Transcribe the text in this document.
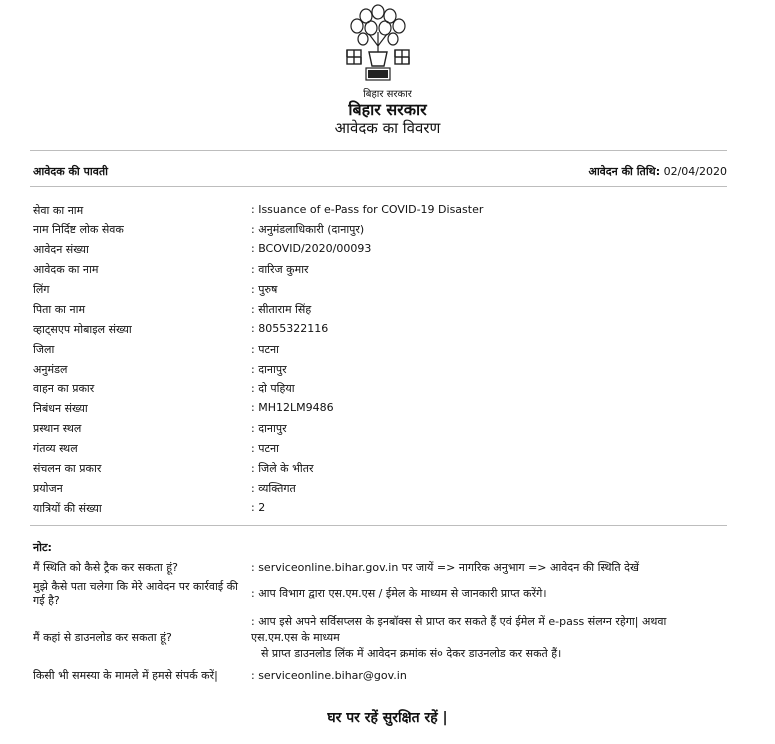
बिहार सरकार
बिहार सरकार
आवेदक का विवरण
आवेदक की पावती	आवेदन की तिथि: 02/04/2020
सेवा का नाम	: Issuance of e-Pass for COVID-19 Disaster
नाम निर्दिष्ट लोक सेवक	: अनुमंडलाधिकारी (दानापुर)
आवेदन संख्या	: BCOVID/2020/00093
आवेदक का नाम	: वारिज कुमार
लिंग	: पुरुष
पिता का नाम	: सीताराम सिंह
व्हाट्सएप मोबाइल संख्या	: 8055322116
जिला	: पटना
अनुमंडल	: दानापुर
वाहन का प्रकार	: दो पहिया
निबंधन संख्या	: MH12LM9486
प्रस्थान स्थल	: दानापुर
गंतव्य स्थल	: पटना
संचलन का प्रकार	: जिले के भीतर
प्रयोजन	: व्यक्तिगत
यात्रियों की संख्या	: 2
नोट:
मैं स्थिति को कैसे ट्रैक कर सकता हूं?	: serviceonline.bihar.gov.in पर जायें => नागरिक अनुभाग => आवेदन की स्थिति देखें
मुझे कैसे पता चलेगा कि मेरे आवेदन पर कार्रवाई की गई है?
: आप विभाग द्वारा एस.एम.एस / ईमेल के माध्यम से जानकारी प्राप्त करेंगे।
मैं कहां से डाउनलोड कर सकता हूं?
: आप इसे अपने सर्विसप्लस के इनबॉक्स से प्राप्त कर सकते हैं एवं ईमेल में e-pass संलग्न रहेगा| अथवा एस.एम.एस के माध्यम
से प्राप्त डाउनलोड लिंक में आवेदन क्रमांक सं० देकर डाउनलोड कर सकते हैं।
किसी भी समस्या के मामले में हमसे संपर्क करें|	: serviceonline.bihar@gov.in
घर पर रहें सुरक्षित रहें |
